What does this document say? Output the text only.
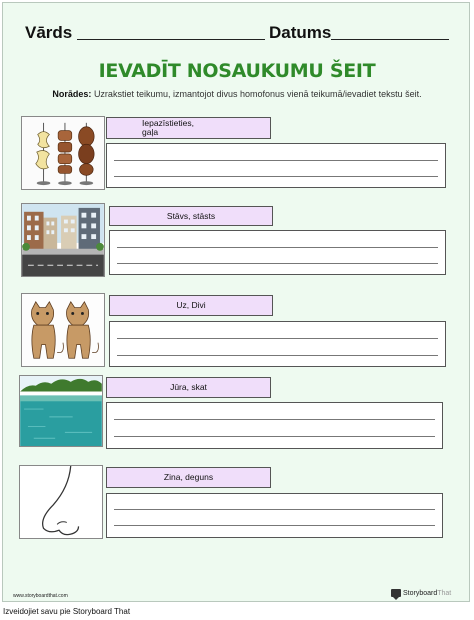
Vārds	Datums
IEVADĪT NOSAUKUMU ŠEIT
Norādes: Uzrakstiet teikumu, izmantojot divus homofonus vienā teikumā/ievadiet tekstu šeit.
Iepazīstieties,
gaļa
Stāvs, stāsts
Uz, Divi
Jūra, skat
Zina, deguns
www.storyboardthat.com	Storyboard That
Izveidojiet savu pie Storyboard That
